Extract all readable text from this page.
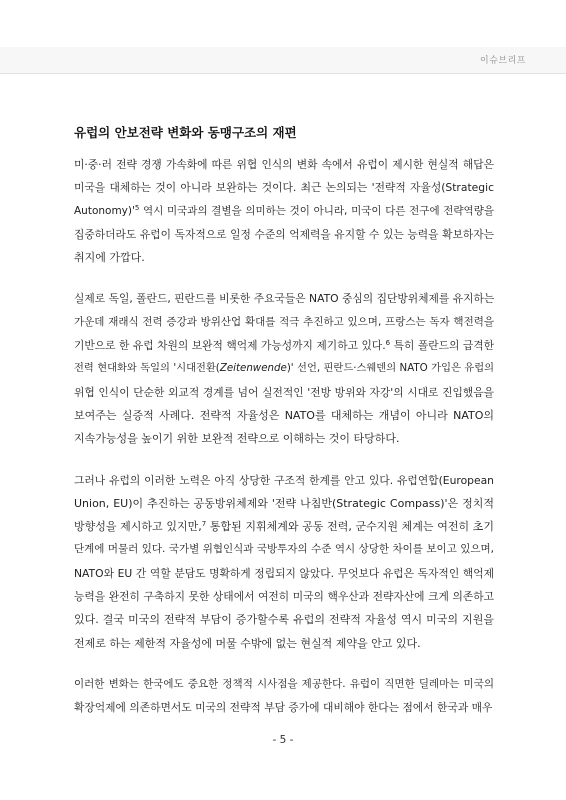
이슈브리프
유럽의 안보전략 변화와 동맹구조의 재편
미·중·러 전략 경쟁 가속화에 따른 위협 인식의 변화 속에서 유럽이 제시한 현실적 해답은
미국을 대체하는 것이 아니라 보완하는 것이다. 최근 논의되는 '전략적 자율성(Strategic
$Autonomy)'^5$ 역시 미국과의 결별을 의미하는 것이 아니라, 미국이 다른 전구에 전략역량을
집중하더라도 유럽이 독자적으로 일정 수준의 억제력을 유지할 수 있는 능력을 확보하자는
취지에 가깝다.
실제로 독일, 폴란드, 핀란드를 비롯한 주요국들은 NATO 중심의 집단방위체제를 유지하는
가운데 재래식 전력 증강과 방위산업 확대를 적극 추진하고 있으며, 프랑스는 독자 핵전력을
기반으로 한 유럽 차원의 보완적 핵억제 가능성까지 제기하고 있다.$^6$ 특히 폴란드의 급격한
전력 현대화와 독일의 '시대전환(Zeitenwende)' 선언, 핀란드·스웨덴의 NATO 가입은 유럽의
위협 인식이 단순한 외교적 경계를 넘어 실전적인 '전방 방위와 자강'의 시대로 진입했음을
보여주는 실증적 사례다. 전략적 자율성은 NATO를 대체하는 개념이 아니라 NATO의
지속가능성을 높이기 위한 보완적 전략으로 이해하는 것이 타당하다.
그러나 유럽의 이러한 노력은 아직 상당한 구조적 한계를 안고 있다. 유럽연합(European
Union, EU)이 추진하는 공동방위체제와 '전략 나침반(Strategic Compass)'은 정치적
방향성을 제시하고 있지만,$^7$ 통합된 지휘체계와 공동 전력, 군수지원 체계는 여전히 초기
단계에 머물러 있다. 국가별 위협인식과 국방투자의 수준 역시 상당한 차이를 보이고 있으며,
NATO와 EU 간 역할 분담도 명확하게 정립되지 않았다. 무엇보다 유럽은 독자적인 핵억제
능력을 완전히 구축하지 못한 상태에서 여전히 미국의 핵우산과 전략자산에 크게 의존하고
있다. 결국 미국의 전략적 부담이 증가할수록 유럽의 전략적 자율성 역시 미국의 지원을
전제로 하는 제한적 자율성에 머물 수밖에 없는 현실적 제약을 안고 있다.
이러한 변화는 한국에도 중요한 정책적 시사점을 제공한다. 유럽이 직면한 딜레마는 미국의
확장억제에 의존하면서도 미국의 전략적 부담 증가에 대비해야 한다는 점에서 한국과 매우
- 5 -
